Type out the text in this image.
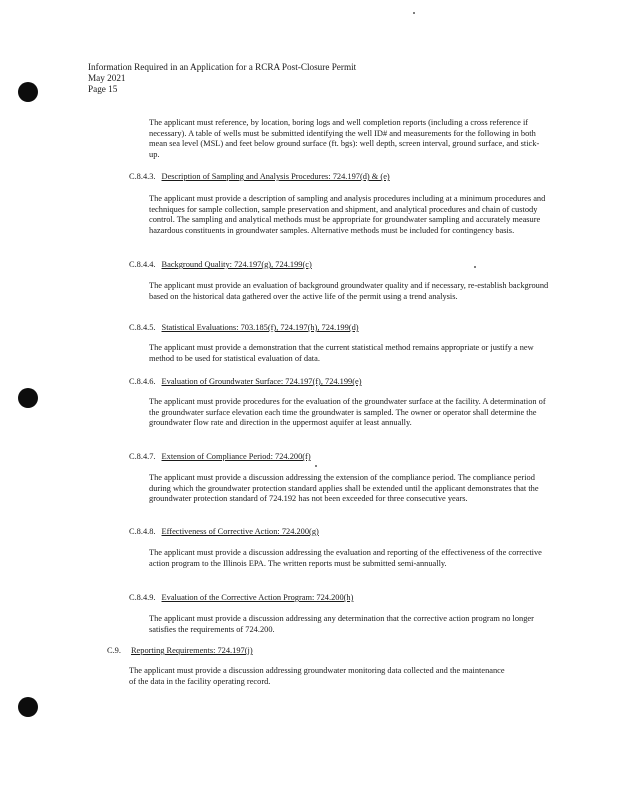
Information Required in an Application for a RCRA Post-Closure Permit
May 2021
Page 15
The applicant must reference, by location, boring logs and well completion reports (including a cross reference if necessary). A table of wells must be submitted identifying the well ID# and measurements for the following in both mean sea level (MSL) and feet below ground surface (ft. bgs): well depth, screen interval, ground surface, and stick-up.
C.8.4.3. Description of Sampling and Analysis Procedures: 724.197(d) & (e)
The applicant must provide a description of sampling and analysis procedures including at a minimum procedures and techniques for sample collection, sample preservation and shipment, and analytical procedures and chain of custody control. The sampling and analytical methods must be appropriate for groundwater sampling and accurately measure hazardous constituents in groundwater samples. Alternative methods must be included for contingency basis.
C.8.4.4. Background Quality: 724.197(g), 724.199(c)
The applicant must provide an evaluation of background groundwater quality and if necessary, re-establish background based on the historical data gathered over the active life of the permit using a trend analysis.
C.8.4.5. Statistical Evaluations: 703.185(f), 724.197(h), 724.199(d)
The applicant must provide a demonstration that the current statistical method remains appropriate or justify a new method to be used for statistical evaluation of data.
C.8.4.6. Evaluation of Groundwater Surface: 724.197(f), 724.199(e)
The applicant must provide procedures for the evaluation of the groundwater surface at the facility. A determination of the groundwater surface elevation each time the groundwater is sampled. The owner or operator shall determine the groundwater flow rate and direction in the uppermost aquifer at least annually.
C.8.4.7. Extension of Compliance Period: 724.200(f)
The applicant must provide a discussion addressing the extension of the compliance period. The compliance period during which the groundwater protection standard applies shall be extended until the applicant demonstrates that the groundwater protection standard of 724.192 has not been exceeded for three consecutive years.
C.8.4.8. Effectiveness of Corrective Action: 724.200(g)
The applicant must provide a discussion addressing the evaluation and reporting of the effectiveness of the corrective action program to the Illinois EPA. The written reports must be submitted semi-annually.
C.8.4.9. Evaluation of the Corrective Action Program: 724.200(h)
The applicant must provide a discussion addressing any determination that the corrective action program no longer satisfies the requirements of 724.200.
C.9. Reporting Requirements: 724.197(j)
The applicant must provide a discussion addressing groundwater monitoring data collected and the maintenance of the data in the facility operating record.
